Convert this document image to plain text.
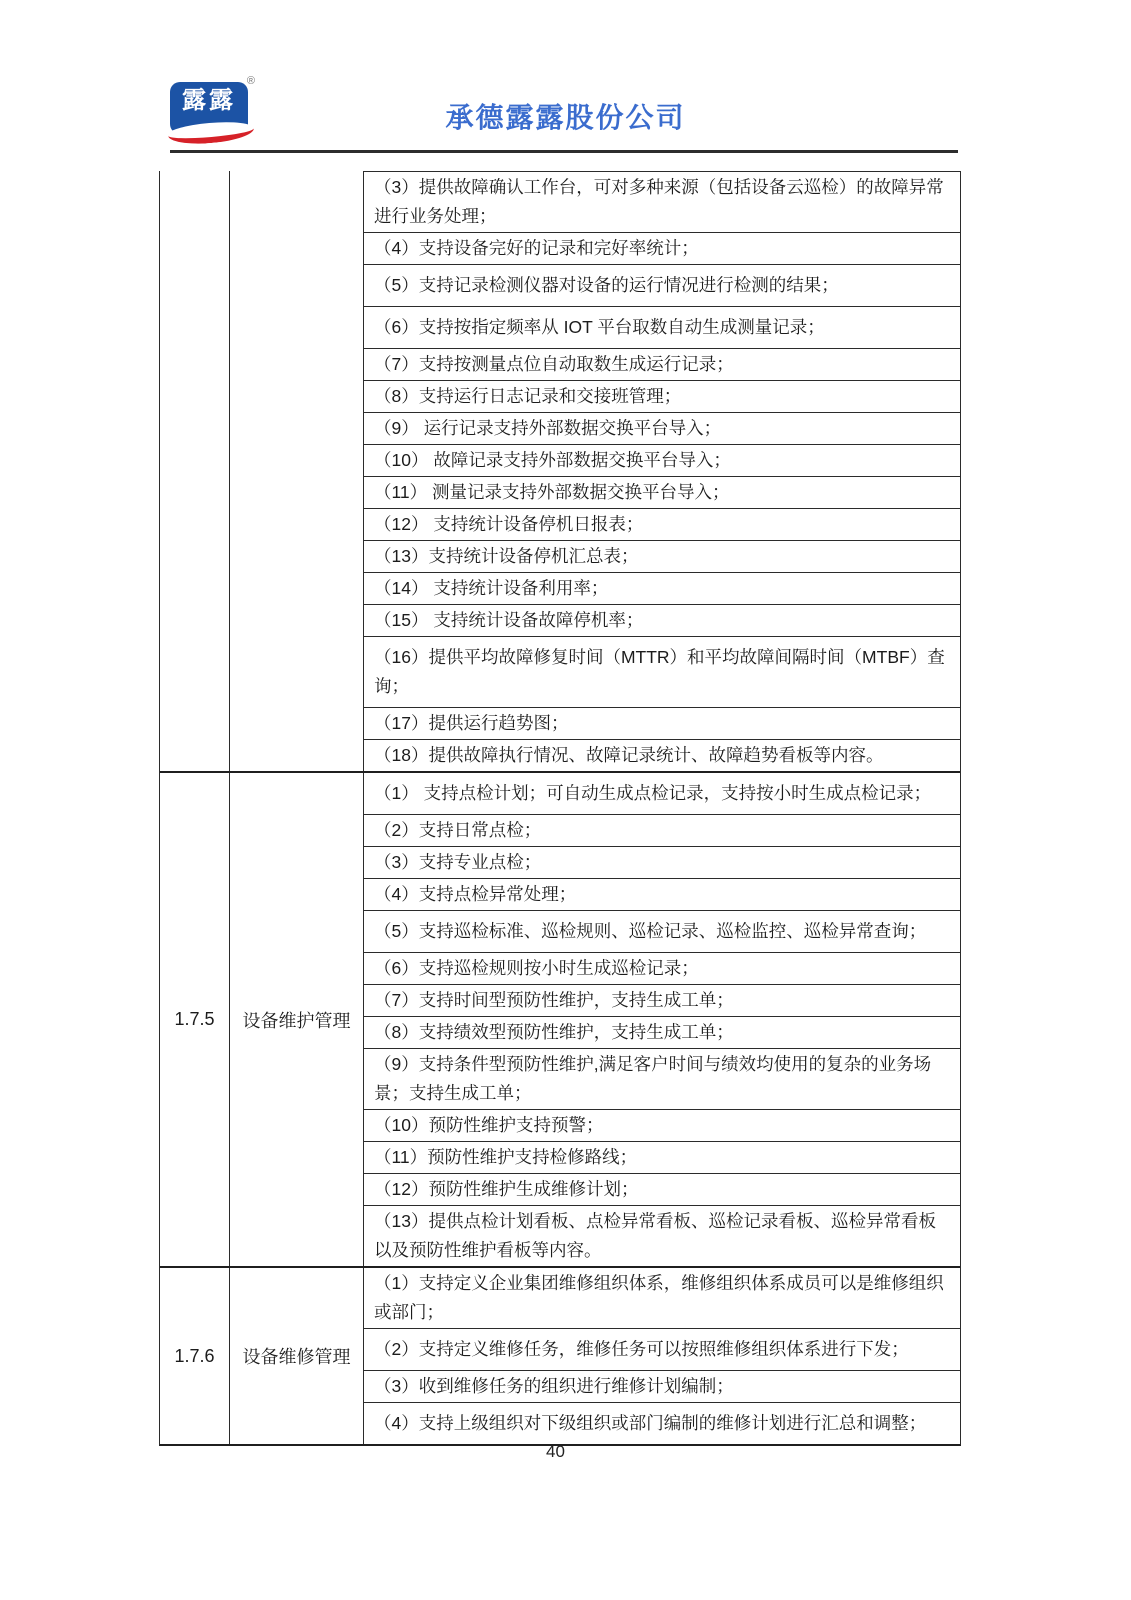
露露
®
承德露露股份公司
（3）提供故障确认工作台，可对多种来源（包括设备云巡检）的故障异常进行业务处理；
（4）支持设备完好的记录和完好率统计；
（5）支持记录检测仪器对设备的运行情况进行检测的结果；
（6）支持按指定频率从 IOT 平台取数自动生成测量记录；
（7）支持按测量点位自动取数生成运行记录；
（8）支持运行日志记录和交接班管理；
（9） 运行记录支持外部数据交换平台导入；
（10） 故障记录支持外部数据交换平台导入；
（11） 测量记录支持外部数据交换平台导入；
（12） 支持统计设备停机日报表；
（13）支持统计设备停机汇总表；
（14） 支持统计设备利用率；
（15） 支持统计设备故障停机率；
（16）提供平均故障修复时间（MTTR）和平均故障间隔时间（MTBF）查询；
（17）提供运行趋势图；
（18）提供故障执行情况、故障记录统计、故障趋势看板等内容。
1.7.5	设备维护管理
（1） 支持点检计划；可自动生成点检记录，支持按小时生成点检记录；
（2）支持日常点检；
（3）支持专业点检；
（4）支持点检异常处理；
（5）支持巡检标准、巡检规则、巡检记录、巡检监控、巡检异常查询；
（6）支持巡检规则按小时生成巡检记录；
（7）支持时间型预防性维护，支持生成工单；
（8）支持绩效型预防性维护，支持生成工单；
（9）支持条件型预防性维护,满足客户时间与绩效均使用的复杂的业务场景；支持生成工单；
（10）预防性维护支持预警；
（11）预防性维护支持检修路线；
（12）预防性维护生成维修计划；
（13）提供点检计划看板、点检异常看板、巡检记录看板、巡检异常看板以及预防性维护看板等内容。
1.7.6	设备维修管理
（1）支持定义企业集团维修组织体系，维修组织体系成员可以是维修组织或部门；
（2）支持定义维修任务，维修任务可以按照维修组织体系进行下发；
（3）收到维修任务的组织进行维修计划编制；
（4）支持上级组织对下级组织或部门编制的维修计划进行汇总和调整；
40
